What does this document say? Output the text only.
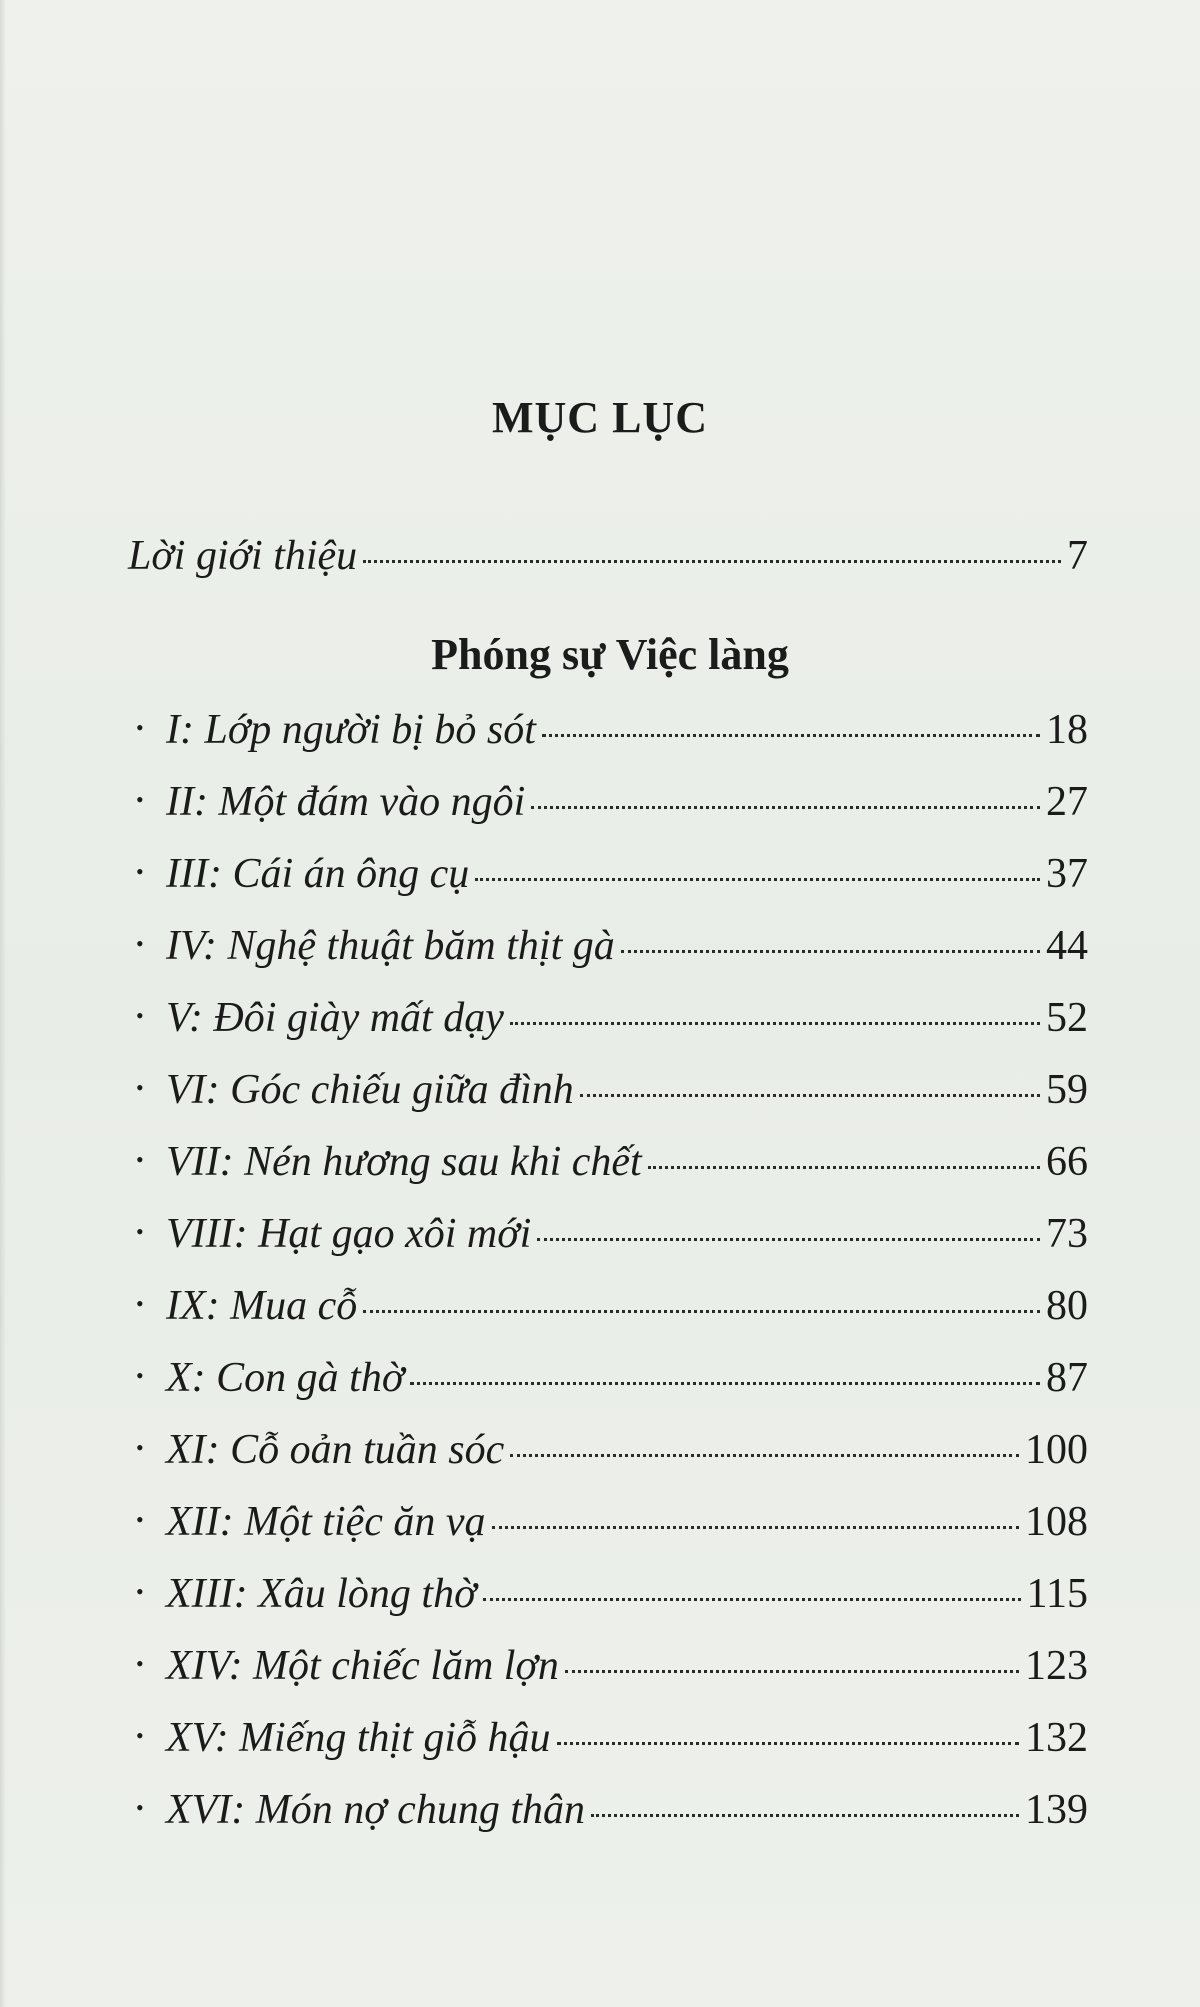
MỤC LỤC
Lời giới thiệu	7
Phóng sự Việc làng
• I: Lớp người bị bỏ sót	18
• II: Một đám vào ngôi	27
• III: Cái án ông cụ	37
• IV: Nghệ thuật băm thịt gà	44
• V: Đôi giày mất dạy	52
• VI: Góc chiếu giữa đình	59
• VII: Nén hương sau khi chết	66
• VIII: Hạt gạo xôi mới	73
• IX: Mua cỗ	80
• X: Con gà thờ	87
• XI: Cỗ oản tuần sóc	100
• XII: Một tiệc ăn vạ	108
• XIII: Xâu lòng thờ	115
• XIV: Một chiếc lăm lợn	123
• XV: Miếng thịt giỗ hậu	132
• XVI: Món nợ chung thân	139
